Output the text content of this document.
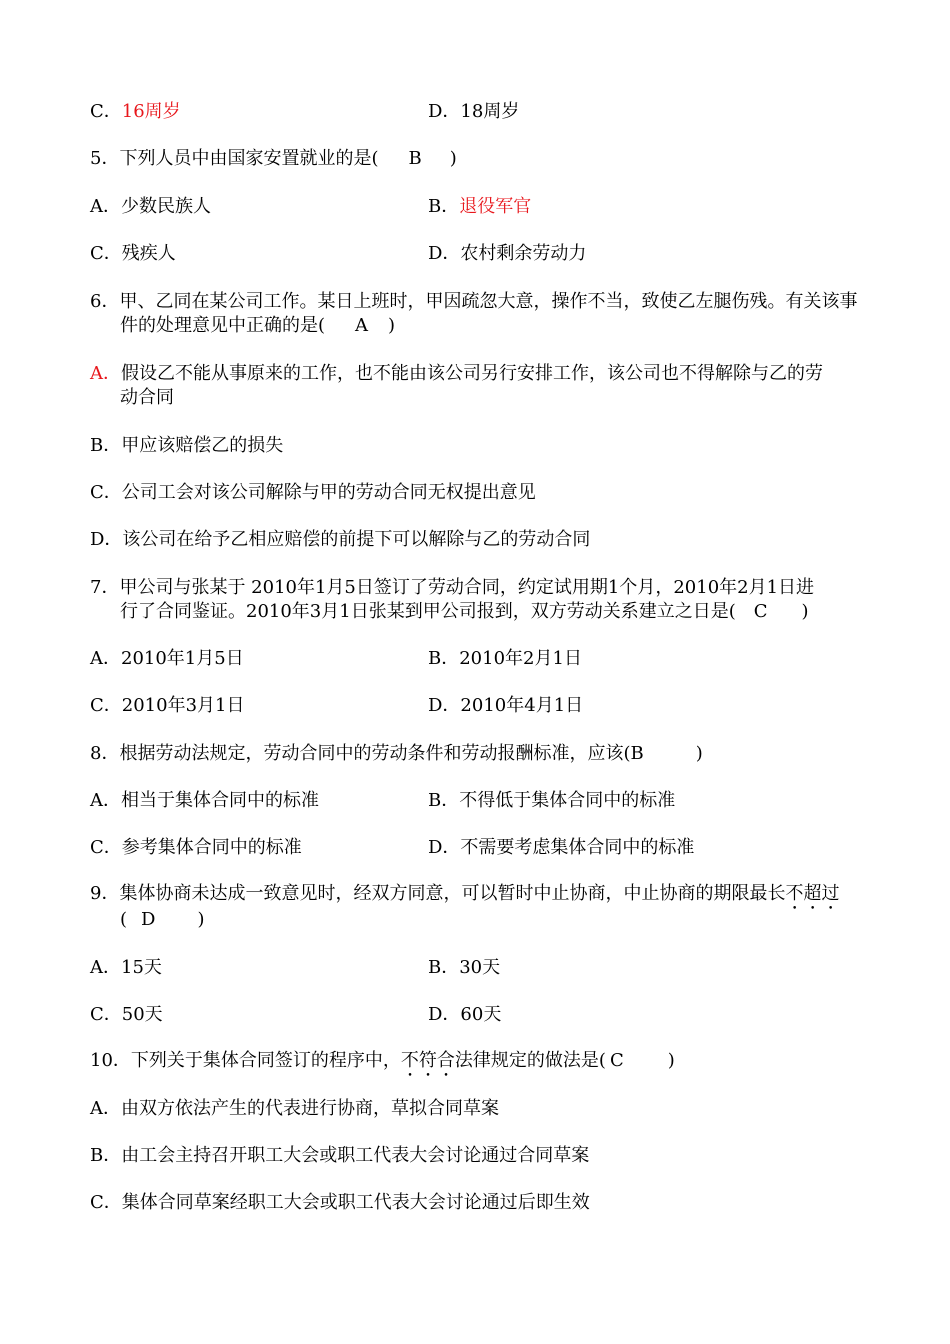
C．16周岁	D．18周岁
5．下列人员中由国家安置就业的是( B )
A．少数民族人	B．退役军官
C．残疾人	D．农村剩余劳动力
6．甲、乙同在某公司工作。某日上班时，甲因疏忽大意，操作不当，致使乙左腿伤残。有关该事
件的处理意见中正确的是( A )
A．假设乙不能从事原来的工作，也不能由该公司另行安排工作，该公司也不得解除与乙的劳
动合同
B．甲应该赔偿乙的损失
C．公司工会对该公司解除与甲的劳动合同无权提出意见
D．该公司在给予乙相应赔偿的前提下可以解除与乙的劳动合同
7．甲公司与张某于 2010年1月5日签订了劳动合同，约定试用期1个月，2010年2月1日进
行了合同鉴证。2010年3月1日张某到甲公司报到，双方劳动关系建立之日是( C )
A．2010年1月5日	B．2010年2月1日
C．2010年3月1日	D．2010年4月1日
8．根据劳动法规定，劳动合同中的劳动条件和劳动报酬标准，应该(B	)
A．相当于集体合同中的标准	B．不得低于集体合同中的标准
C．参考集体合同中的标准	D．不需要考虑集体合同中的标准
9．集体协商未达成一致意见时，经双方同意，可以暂时中止协商，中止协商的期限最长不超过
( D )
A．15天	B．30天
C．50天	D．60天
10．下列关于集体合同签订的程序中，不符合法律规定的做法是( C )
A．由双方依法产生的代表进行协商，草拟合同草案
B．由工会主持召开职工大会或职工代表大会讨论通过合同草案
C．集体合同草案经职工大会或职工代表大会讨论通过后即生效
